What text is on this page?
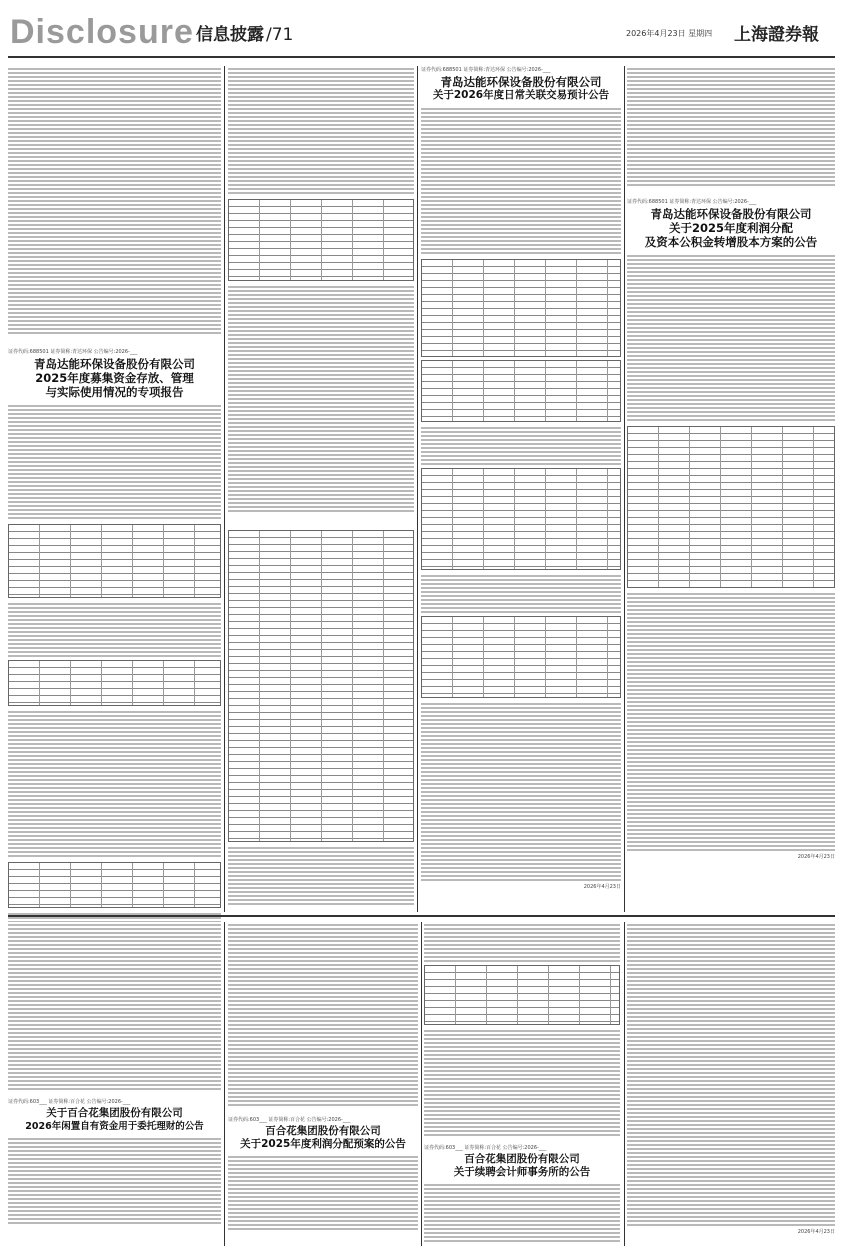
Disclosure 信息披露 /71	2026年4月23日 星期四 上海證券報

证券代码:688501 证券简称:青达环保 公告编号:2026-___
青岛达能环保设备股份有限公司
2025年度募集资金存放、管理
与实际使用情况的专项报告

证券代码:688501 证券简称:青达环保 公告编号:2026-___
青岛达能环保设备股份有限公司
关于2026年度日常关联交易预计公告
2026年4月23日

证券代码:688501 证券简称:青达环保 公告编号:2026-___
青岛达能环保设备股份有限公司
关于2025年度利润分配
及资本公积金转增股本方案的公告
2026年4月23日

证券代码:603___ 证券简称:百合花 公告编号:2026-___
关于百合花集团股份有限公司
2026年闲置自有资金用于委托理财的公告

证券代码:603___ 证券简称:百合花 公告编号:2026-___
百合花集团股份有限公司
关于2025年度利润分配预案的公告
	证券代码:603___ 证券简称:百合花 公告编号:2026-___
百合花集团股份有限公司
关于续聘会计师事务所的公告
2026年4月23日
